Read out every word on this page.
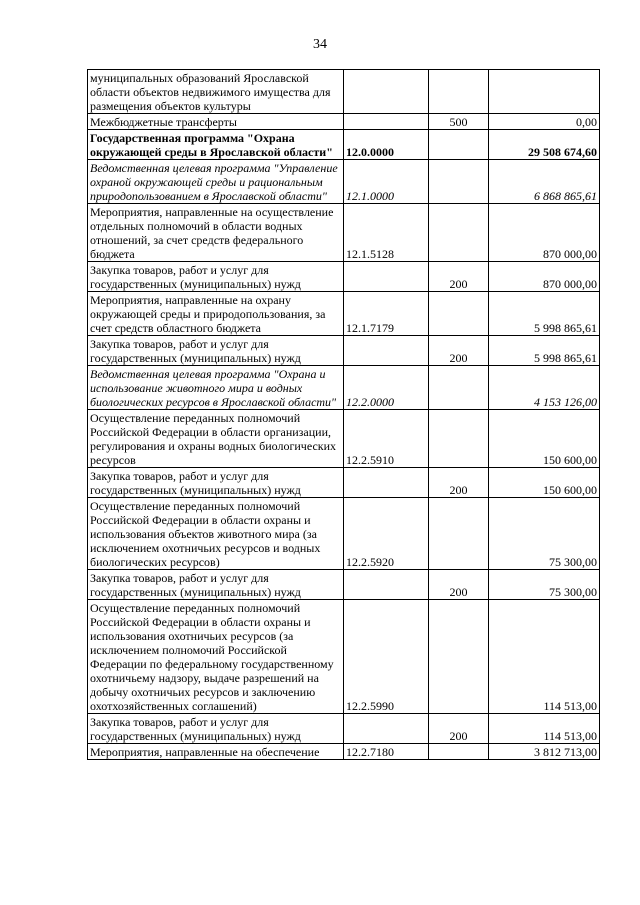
34
муниципальных образований Ярославской области объектов недвижимого имущества для размещения объектов культуры			
Межбюджетные трансферты		500	0,00
Государственная программа "Охрана окружающей среды в Ярославской области"	12.0.0000		29 508 674,60
Ведомственная целевая программа "Управление охраной окружающей среды и рациональным природопользованием в Ярославской области"	12.1.0000		6 868 865,61
Мероприятия, направленные на осуществление отдельных полномочий в области водных отношений, за счет средств федерального бюджета	12.1.5128		870 000,00
Закупка товаров, работ и услуг для государственных (муниципальных) нужд		200	870 000,00
Мероприятия, направленные на охрану окружающей среды и природопользования, за счет средств областного бюджета	12.1.7179		5 998 865,61
Закупка товаров, работ и услуг для государственных (муниципальных) нужд		200	5 998 865,61
Ведомственная целевая программа "Охрана и использование животного мира и водных биологических ресурсов в Ярославской области"	12.2.0000		4 153 126,00
Осуществление переданных полномочий Российской Федерации в области организации, регулирования и охраны водных биологических ресурсов	12.2.5910		150 600,00
Закупка товаров, работ и услуг для государственных (муниципальных) нужд		200	150 600,00
Осуществление переданных полномочий Российской Федерации в области охраны и использования объектов животного мира (за исключением охотничьих ресурсов и водных биологических ресурсов)	12.2.5920		75 300,00
Закупка товаров, работ и услуг для государственных (муниципальных) нужд		200	75 300,00
Осуществление переданных полномочий Российской Федерации в области охраны и использования охотничьих ресурсов (за исключением полномочий Российской Федерации по федеральному государственному охотничьему надзору, выдаче разрешений на добычу охотничьих ресурсов и заключению охотхозяйственных соглашений)	12.2.5990		114 513,00
Закупка товаров, работ и услуг для государственных (муниципальных) нужд		200	114 513,00
Мероприятия, направленные на обеспечение	12.2.7180		3 812 713,00
